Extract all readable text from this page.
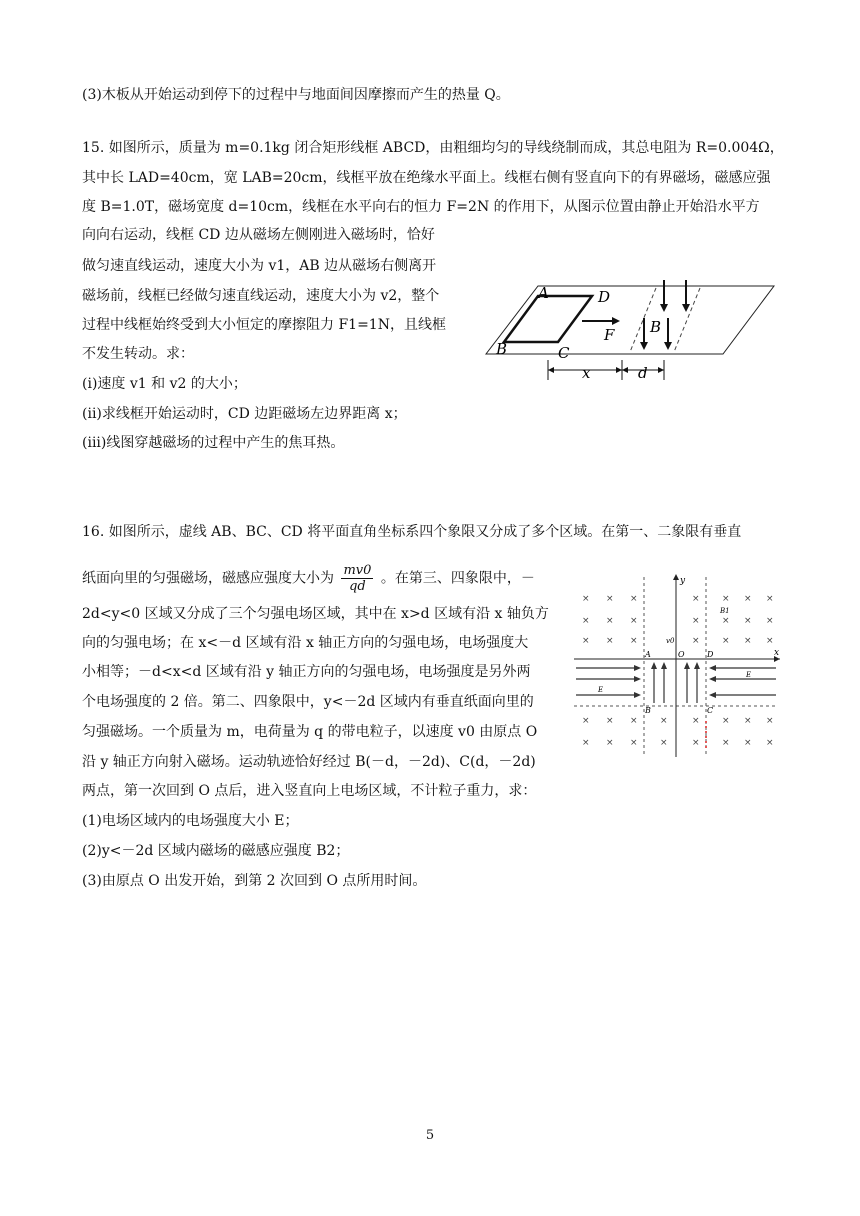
(3)木板从开始运动到停下的过程中与地面间因摩擦而产生的热量 Q。
15. 如图所示，质量为 m=0.1kg 闭合矩形线框 ABCD，由粗细均匀的导线绕制而成，其总电阻为 R=0.004Ω，
其中长 LAD=40cm，宽 LAB=20cm，线框平放在绝缘水平面上。线框右侧有竖直向下的有界磁场，磁感应强
度 B=1.0T，磁场宽度 d=10cm，线框在水平向右的恒力 F=2N 的作用下，从图示位置由静止开始沿水平方
向向右运动，线框 CD 边从磁场左侧刚进入磁场时，恰好
做匀速直线运动，速度大小为 v1，AB 边从磁场右侧离开
磁场前，线框已经做匀速直线运动，速度大小为 v2，整个
过程中线框始终受到大小恒定的摩擦阻力 F1=1N，且线框
不发生转动。求：
(i)速度 v1 和 v2 的大小；
(ii)求线框开始运动时，CD 边距磁场左边界距离 x；
(iii)线图穿越磁场的过程中产生的焦耳热。
A	D
B	C
F B
x	d
16. 如图所示，虚线 AB、BC、CD 将平面直角坐标系四个象限又分成了多个区域。在第一、二象限有垂直
纸面向里的匀强磁场，磁感应强度大小为 $\frac{mv0}{qd}$ 。在第三、四象限中，－
2d<y<0 区域又分成了三个匀强电场区域，其中在 x>d 区域有沿 x 轴负方
向的匀强电场；在 x<－d 区域有沿 x 轴正方向的匀强电场，电场强度大
小相等；－d<x<d 区域有沿 y 轴正方向的匀强电场，电场强度是另外两
个电场强度的 2 倍。第二、四象限中，y<－2d 区域内有垂直纸面向里的
匀强磁场。一个质量为 m，电荷量为 q 的带电粒子，以速度 v0 由原点 O
沿 y 轴正方向射入磁场。运动轨迹恰好经过 B(－d，－2d)、C(d，－2d)
两点，第一次回到 O 点后，进入竖直向上电场区域，不计粒子重力，求：
(1)电场区域内的电场强度大小 E；
(2)y<－2d 区域内磁场的磁感应强度 B2；
(3)由原点 O 出发开始，到第 2 次回到 O 点所用时间。
y
x
A	D
B	C
O
v0
B1
E
E
× × ×	× × × ×
× × ×	× × × ×
× × ×	× × × ×
× × × ×	× × × ×
× × × ×	× × × ×
5
